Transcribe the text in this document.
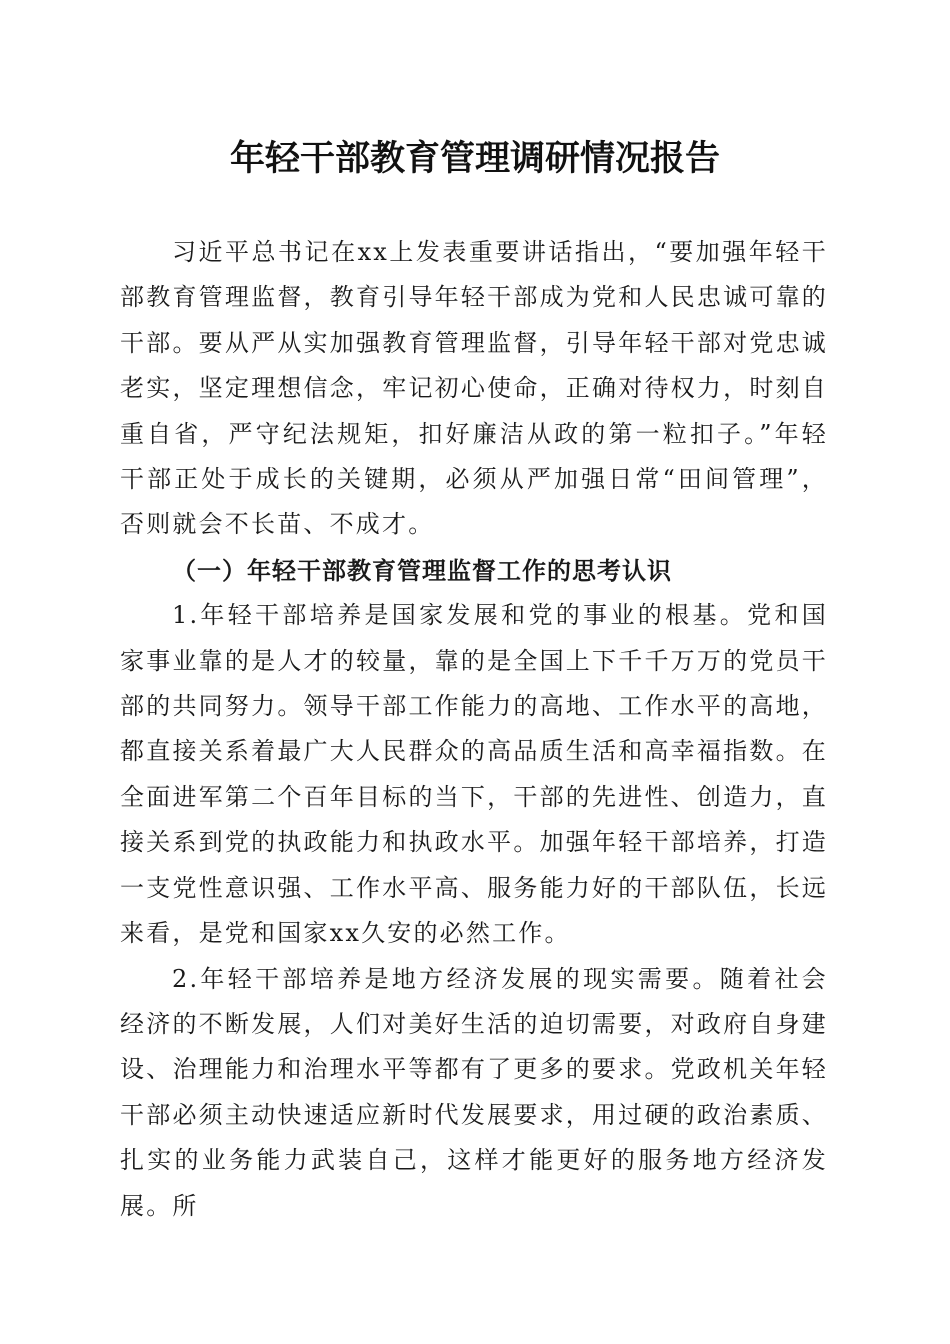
年轻干部教育管理调研情况报告

习近平总书记在xx上发表重要讲话指出，“要加强年轻干部教育管理监督，教育引导年轻干部成为党和人民忠诚可靠的干部。要从严从实加强教育管理监督，引导年轻干部对党忠诚老实，坚定理想信念，牢记初心使命，正确对待权力，时刻自重自省，严守纪法规矩，扣好廉洁从政的第一粒扣子。”年轻干部正处于成长的关键期，必须从严加强日常“田间管理”，否则就会不长苗、不成才。

（一）年轻干部教育管理监督工作的思考认识

1.年轻干部培养是国家发展和党的事业的根基。党和国家事业靠的是人才的较量，靠的是全国上下千千万万的党员干部的共同努力。领导干部工作能力的高地、工作水平的高地，都直接关系着最广大人民群众的高品质生活和高幸福指数。在全面进军第二个百年目标的当下，干部的先进性、创造力，直接关系到党的执政能力和执政水平。加强年轻干部培养，打造一支党性意识强、工作水平高、服务能力好的干部队伍，长远来看，是党和国家xx久安的必然工作。

2.年轻干部培养是地方经济发展的现实需要。随着社会经济的不断发展，人们对美好生活的迫切需要，对政府自身建设、治理能力和治理水平等都有了更多的要求。党政机关年轻干部必须主动快速适应新时代发展要求，用过硬的政治素质、扎实的业务能力武装自己，这样才能更好的服务地方经济发展。所
